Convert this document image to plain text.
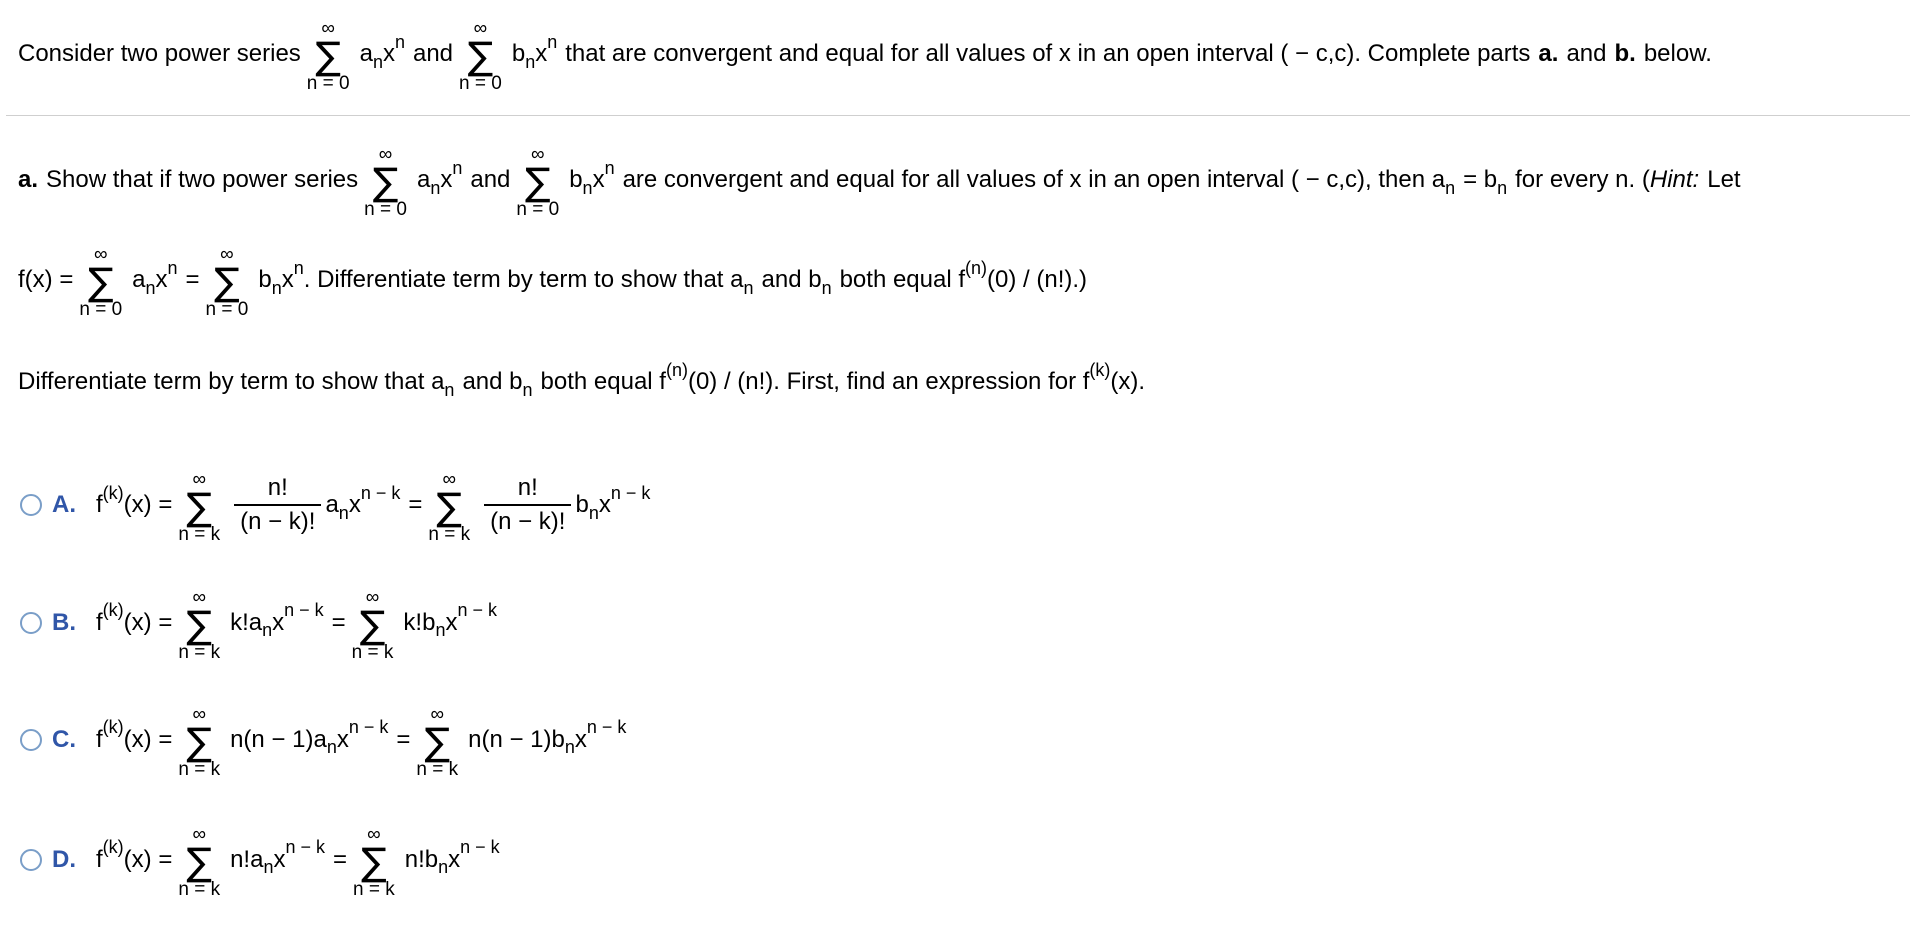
Consider two power series
∞
∑
n = 0
a n x n and
∞
∑
n = 0
b n x n that are convergent and equal for all values of x in an open interval ( − c,c). Complete parts a. and b. below.
a. Show that if two power series
∞
∑
n = 0
a n x n and
∞
∑
n = 0
b n x n are convergent and equal for all values of x in an open interval ( − c,c), then a n = b n for every n. ( Hint: Let
f(x) =
∞
∑
n = 0
a n x n =
∞
∑
n = 0
b n x n . Differentiate term by term to show that a n and b n both equal f (n) (0) / (n!).)
Differentiate term by term to show that a n and b n both equal f (n) (0) / (n!). First, find an expression for f (k) (x).
A. f (k) (x) =
∞
∑
n = k $\frac{n!}{(n - k)!}$ a n x n − k =
∞
∑
n = k $\frac{n!}{(n - k)!}$ b n x n − k
B. f (k) (x) =
∞
∑
n = k
k! a n x n − k =
∞
∑
n = k
k! b n x n − k
C. f (k) (x) =
∞
∑
n = k
n(n − 1) a n x n − k =
∞
∑
n = k
n(n − 1) b n x n − k
D. f (k) (x) =
∞
∑
n = k
n! a n x n − k =
∞
∑
n = k
n! b n x n − k
